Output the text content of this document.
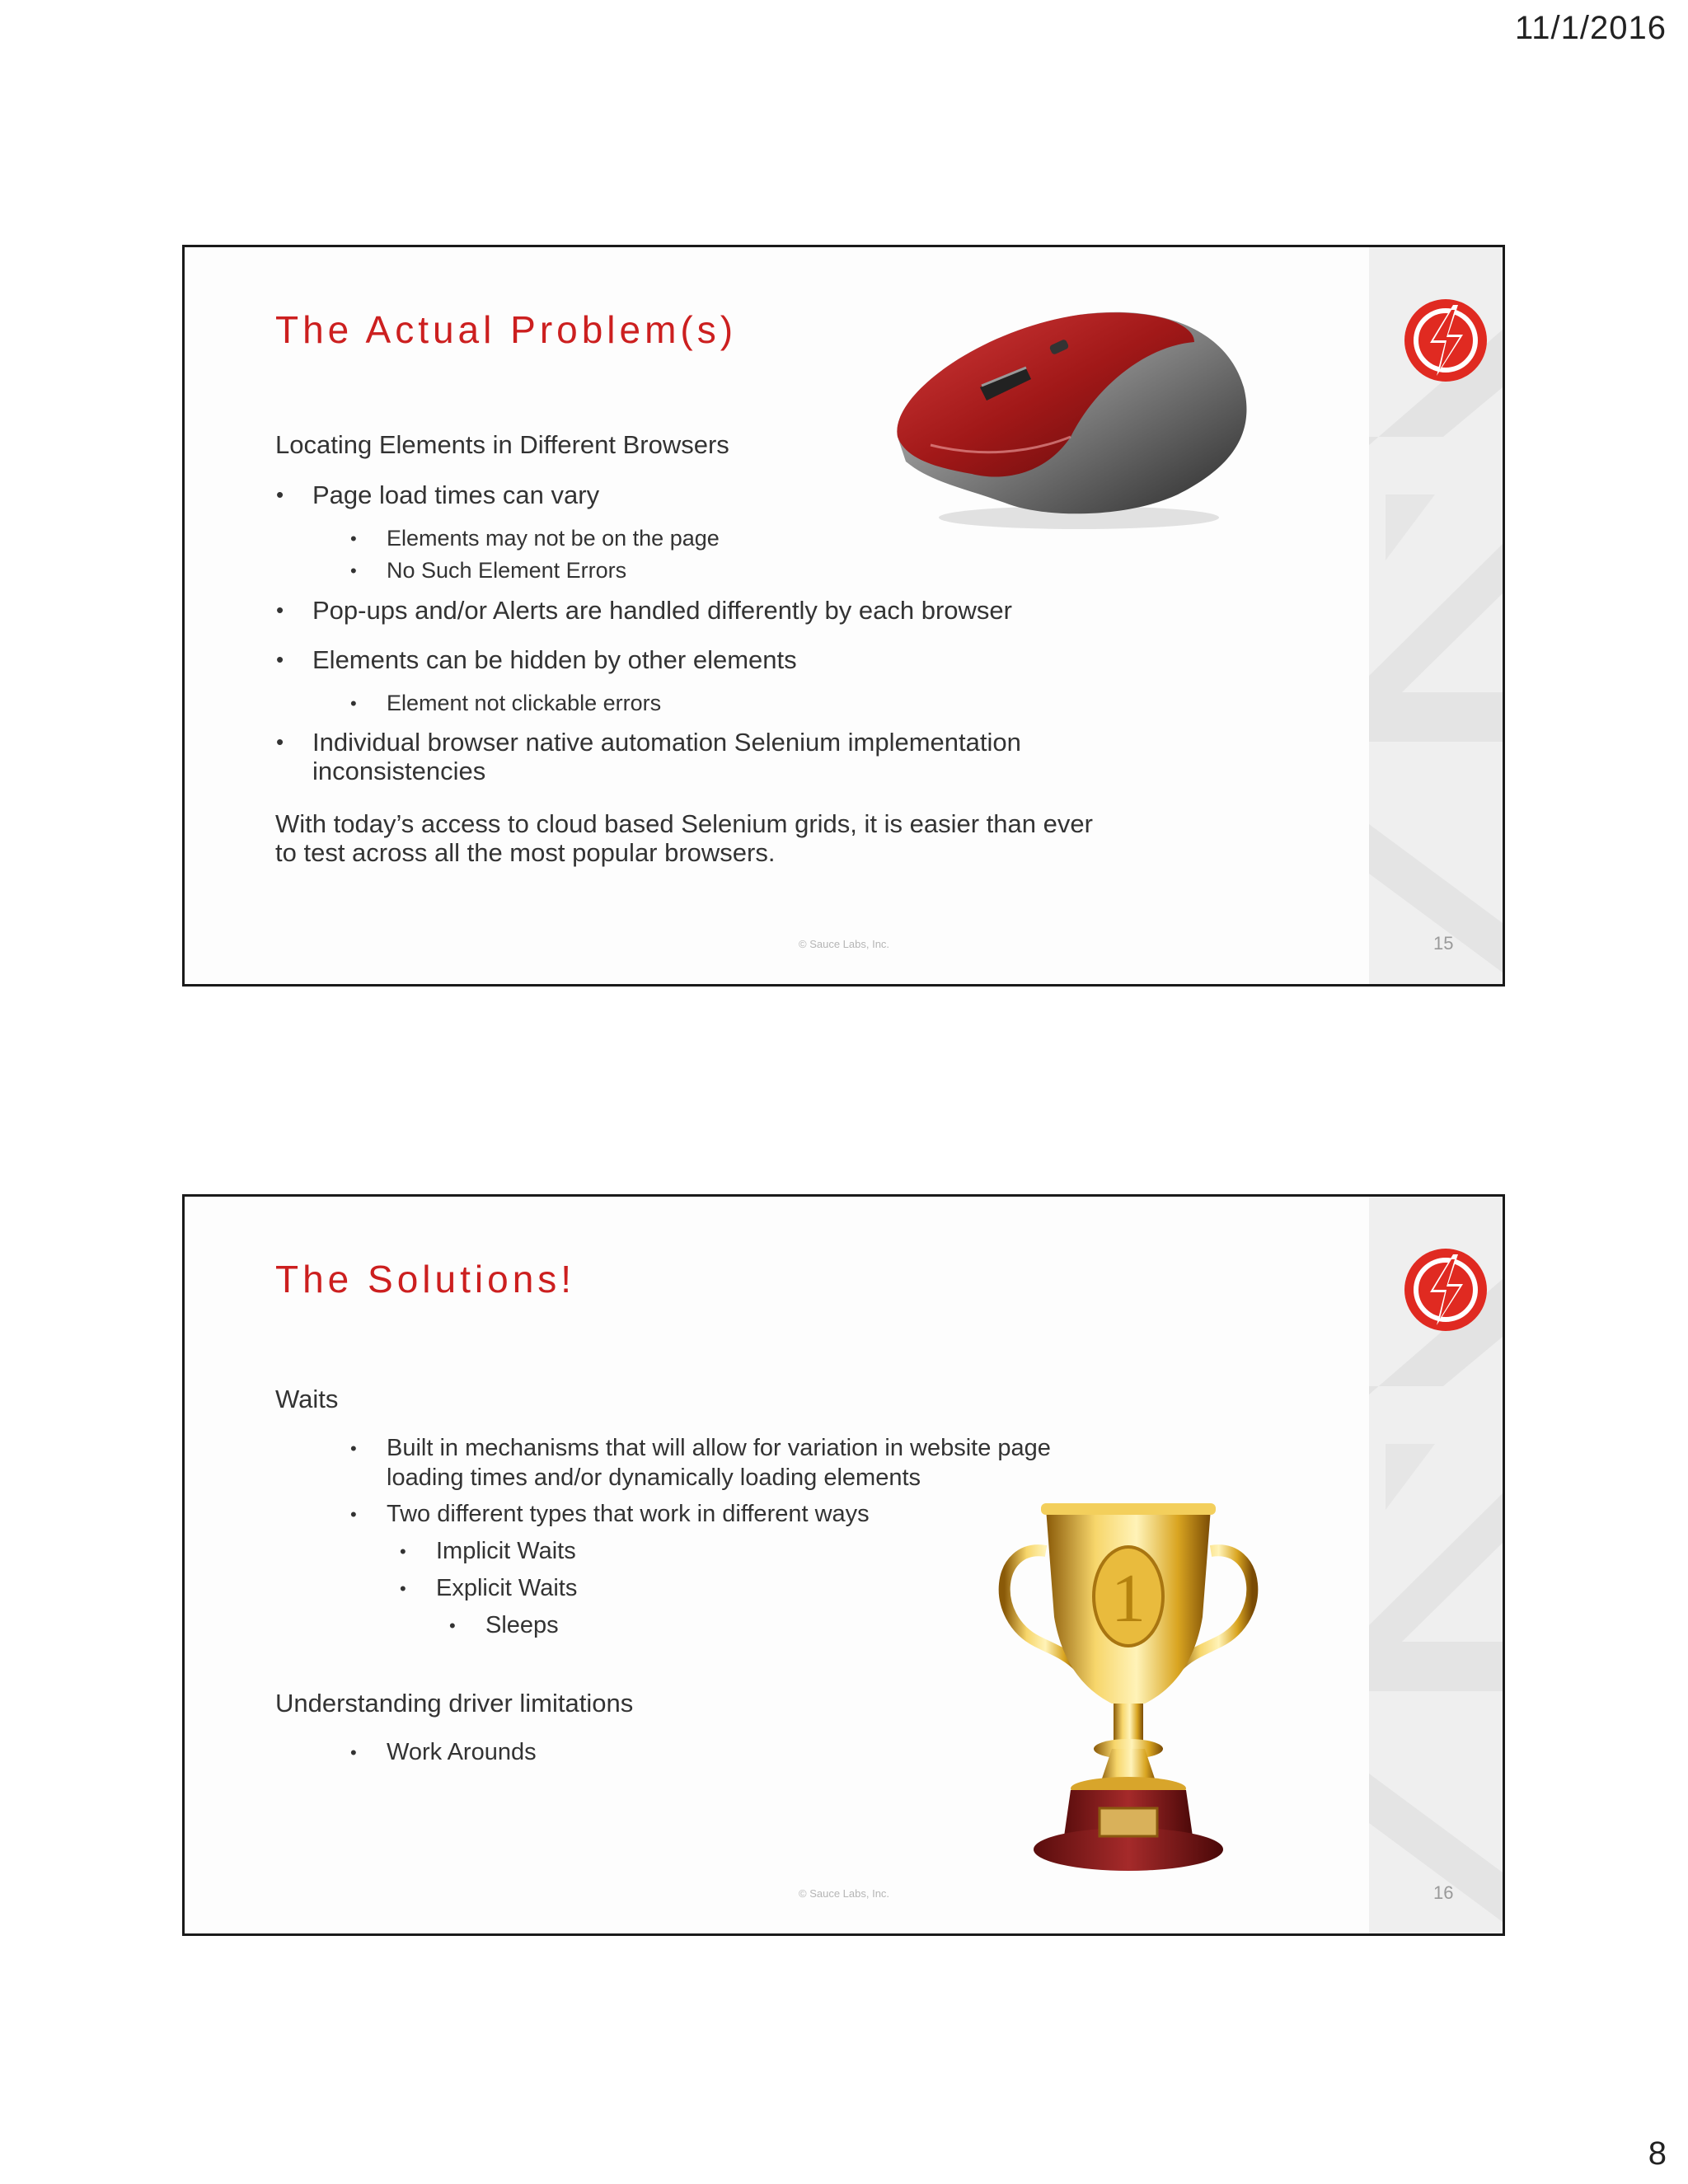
11/1/2016
The Actual Problem(s)
Locating Elements in Different Browsers
• Page load times can vary
• Elements may not be on the page
• No Such Element Errors
• Pop-ups and/or Alerts are handled differently by each browser
• Elements can be hidden by other elements
• Element not clickable errors
• Individual browser native automation Selenium implementation
inconsistencies
With today’s access to cloud based Selenium grids, it is easier than ever
to test across all the most popular browsers.
© Sauce Labs, Inc.	15
The Solutions!
Waits
• Built in mechanisms that will allow for variation in website page
loading times and/or dynamically loading elements
• Two different types that work in different ways
• Implicit Waits
• Explicit Waits
• Sleeps
Understanding driver limitations
• Work Arounds
1
© Sauce Labs, Inc.	16
8
